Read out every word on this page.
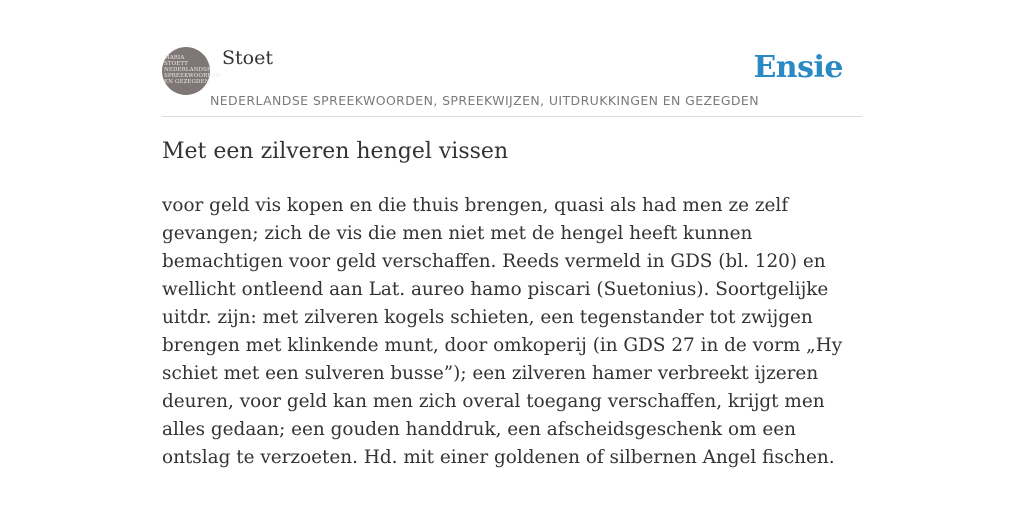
MARIA STOETT NEDERLANDSE SPREEKWOORDEN EN GEZEGDEN
Stoet	Ensie
NEDERLANDSE SPREEKWOORDEN, SPREEKWIJZEN, UITDRUKKINGEN EN GEZEGDEN
Met een zilveren hengel vissen

voor geld vis kopen en die thuis brengen, quasi als had men ze zelf gevangen; zich de vis die men niet met de hengel heeft kunnen bemachtigen voor geld verschaffen. Reeds vermeld in GDS (bl. 120) en wellicht ontleend aan Lat. aureo hamo piscari (Suetonius). Soortgelijke uitdr. zijn: met zilveren kogels schieten, een tegenstander tot zwijgen brengen met klinkende munt, door omkoperij (in GDS 27 in de vorm „Hy schiet met een sulveren busse”); een zilveren hamer verbreekt ijzeren deuren, voor geld kan men zich overal toegang verschaffen, krijgt men alles gedaan; een gouden handdruk, een afscheidsgeschenk om een ontslag te verzoeten. Hd. mit einer goldenen of silbernen Angel fischen.
